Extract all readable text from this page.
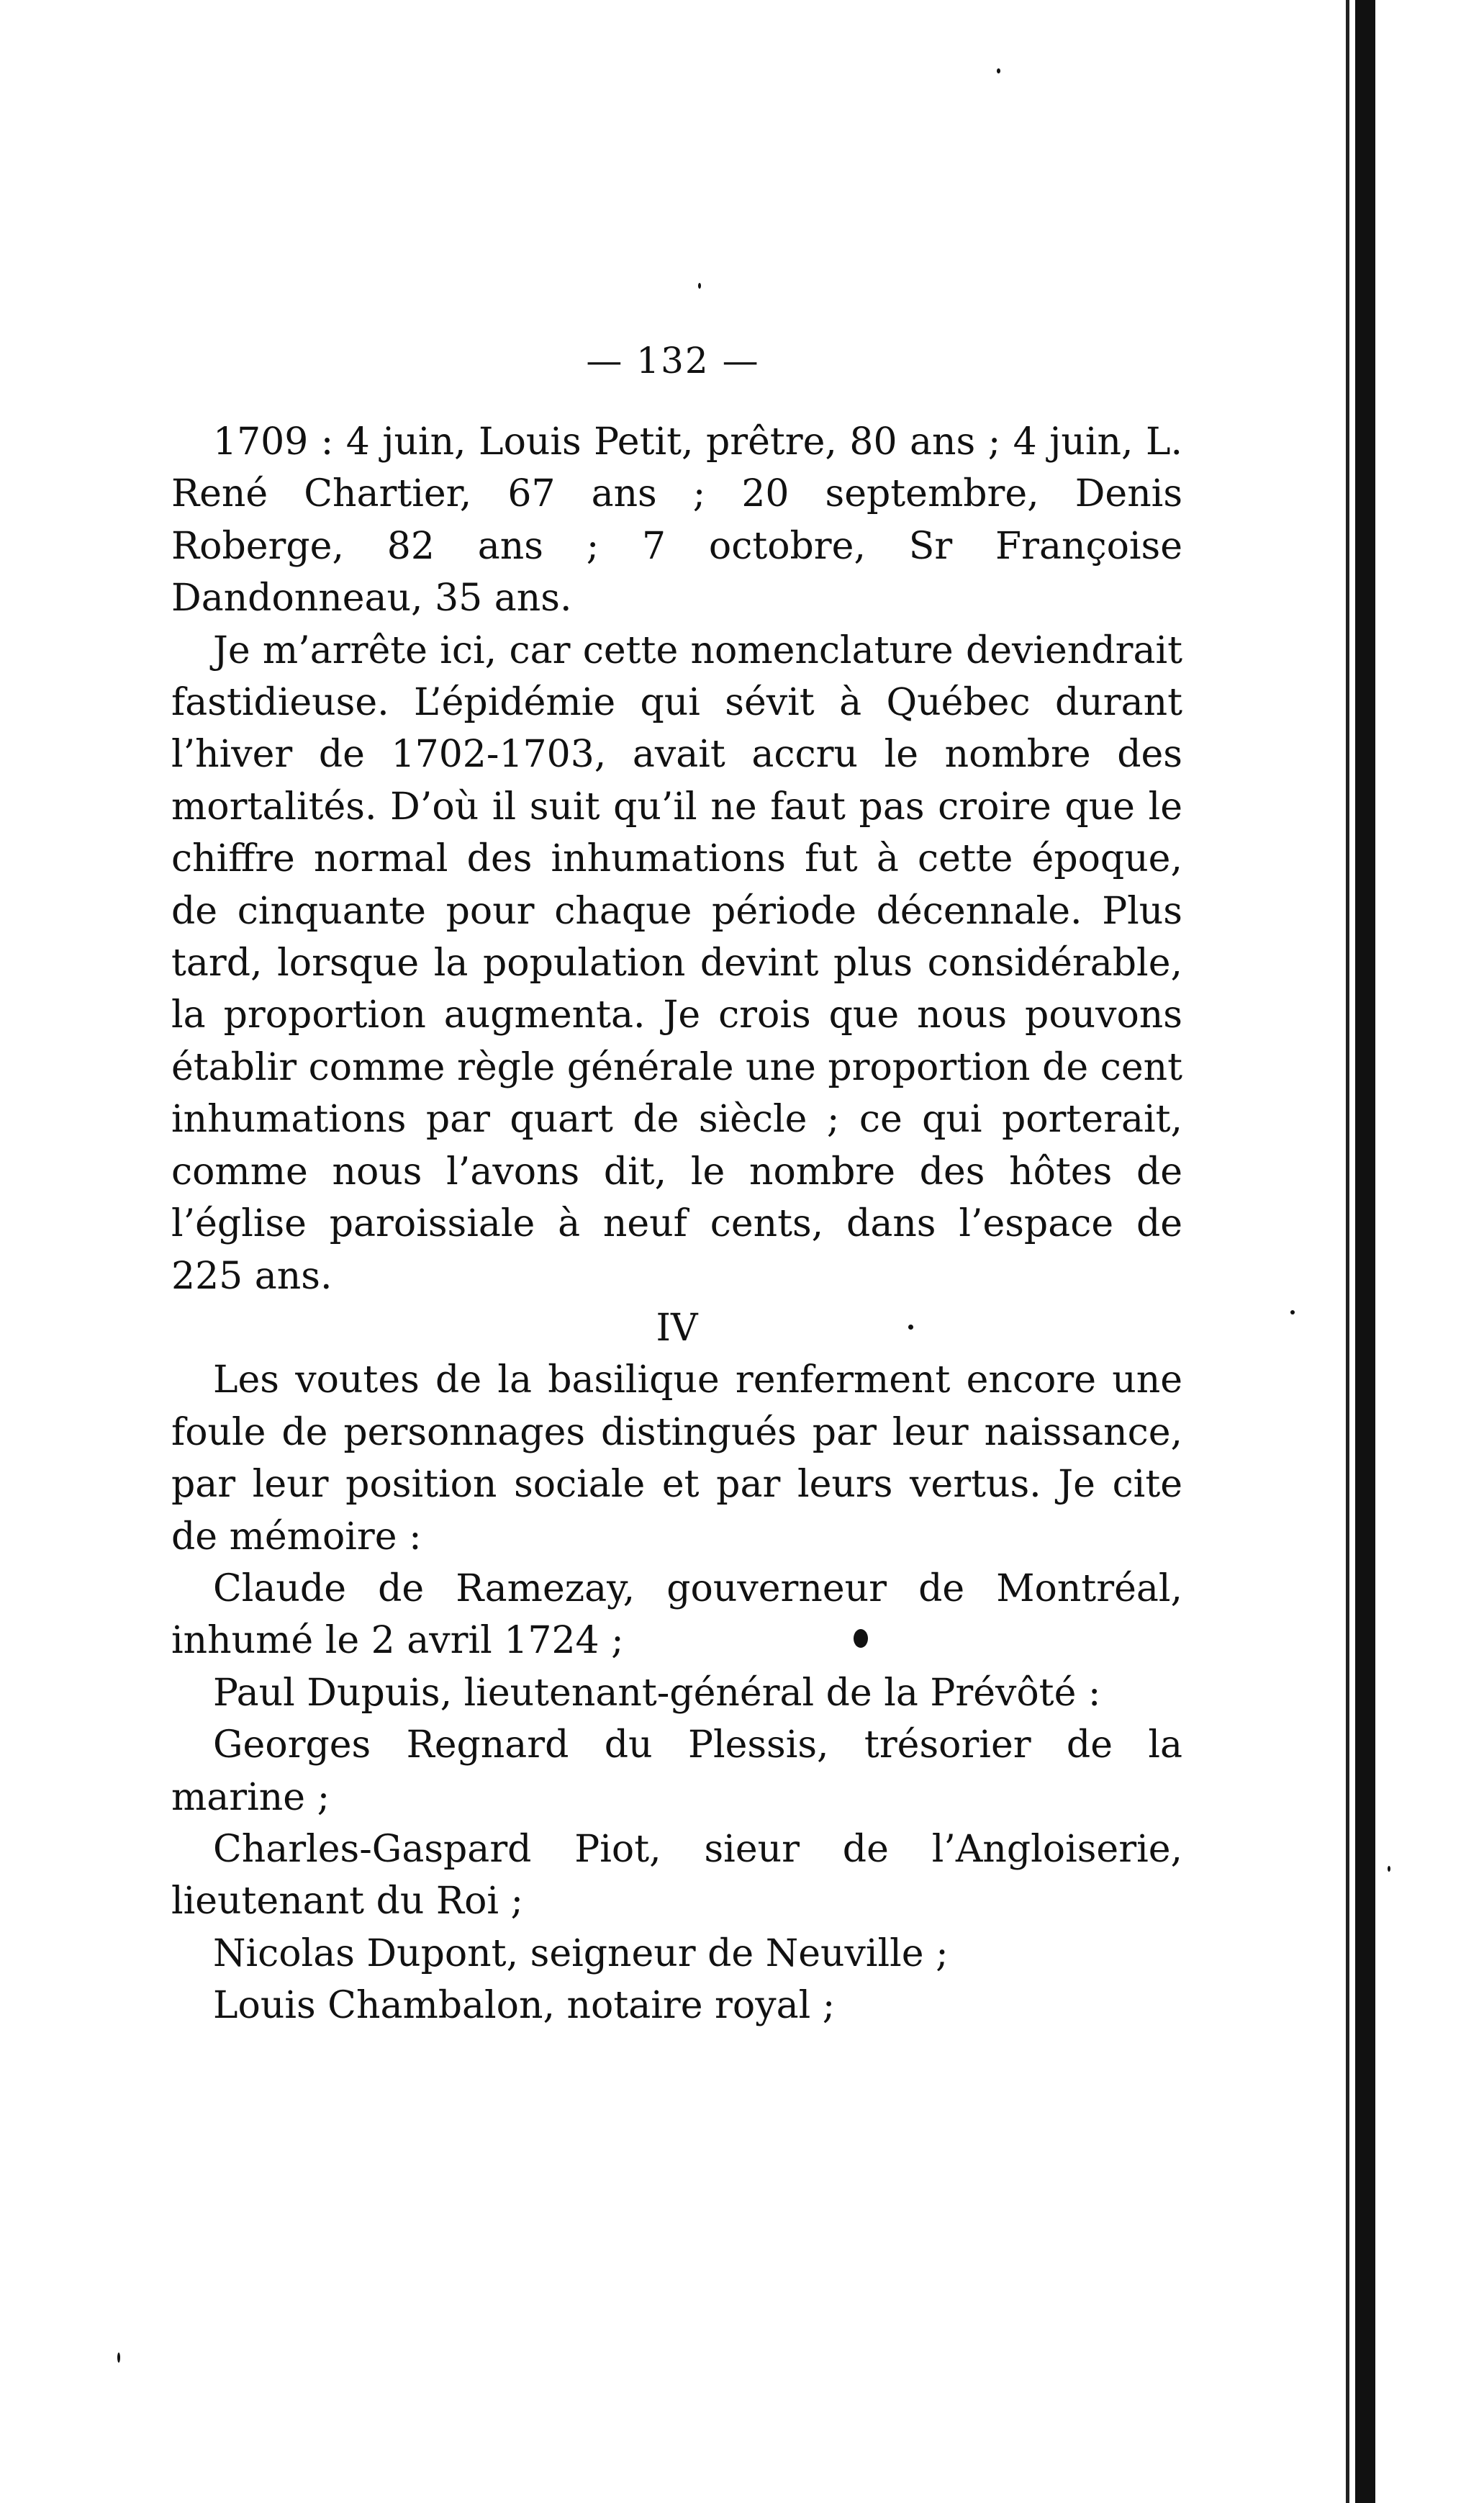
— 132 —

1709 : 4 juin, Louis Petit, prêtre, 80 ans ; 4 juin, L. René Chartier, 67 ans ; 20 septembre, Denis Roberge, 82 ans ; 7 octobre, Sr Françoise Dandonneau, 35 ans.

Je m’arrête ici, car cette nomenclature deviendrait fastidieuse. L’épidémie qui sévit à Québec durant l’hiver de 1702-1703, avait accru le nombre des mortalités. D’où il suit qu’il ne faut pas croire que le chiffre normal des inhumations fut à cette époque, de cinquante pour chaque période décennale. Plus tard, lorsque la population devint plus considérable, la proportion augmenta. Je crois que nous pouvons établir comme règle générale une proportion de cent inhumations par quart de siècle ; ce qui porterait, comme nous l’avons dit, le nombre des hôtes de l’église paroissiale à neuf cents, dans l’espace de 225 ans.

IV

Les voutes de la basilique renferment encore une foule de personnages distingués par leur naissance, par leur position sociale et par leurs vertus. Je cite de mémoire :

Claude de Ramezay, gouverneur de Montréal, inhumé le 2 avril 1724 ;

Paul Dupuis, lieutenant-général de la Prévôté :

Georges Regnard du Plessis, trésorier de la marine ;

Charles-Gaspard Piot, sieur de l’Angloiserie, lieutenant du Roi ;

Nicolas Dupont, seigneur de Neuville ;

Louis Chambalon, notaire royal ;
